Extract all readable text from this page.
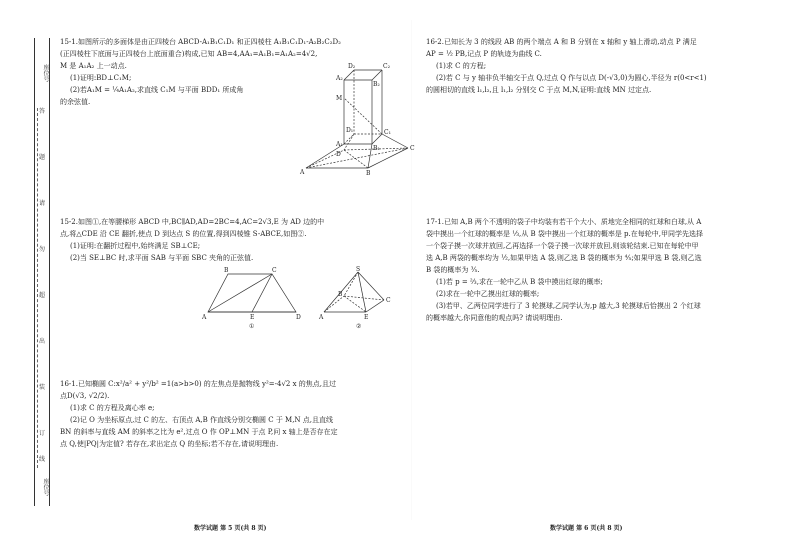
座位号
答
题
请
勿
超
出
装
订
线
座位号

15-1.如图所示的多面体是由正四棱台 ABCD-A₁B₁C₁D₁ 和正四棱柱 A₁B₁C₁D₁-A₂B₂C₂D₂

(正四棱柱下底面与正四棱台上底面重合)构成,已知 AB=4,AA₁=A₁B₁=A₁A₂=4√2,

M 是 A₁A₂ 上一动点.

(1)证明:BD⊥C₁M;

(2)若A₁M = ¼A₁A₂,求直线 C₁M 与平面 BDD₁ 所成角

的余弦值.

D₂	C₂
A₂
B₂
M
D₁	C₁
A₁
B₁
D
C
A	B

15-2.如图①,在等腰梯形 ABCD 中,BC∥AD,AD=2BC=4,AC=2√3,E 为 AD 边的中

点,将△CDE 沿 CE 翻折,使点 D 到达点 S 的位置,得到四棱锥 S-ABCE,如图②.

(1)证明:在翻折过程中,始终满足 SB⊥CE;

(2)当 SE⊥BC 时,求平面 SAB 与平面 SBC 夹角的正弦值.

B	C
A	E	D
①
S
B
C
A	E
②

16-1.已知椭圆 C:x²/a² + y²/b² =1(a>b>0) 的左焦点是抛物线 y²=-4√2 x 的焦点,且过

点D(√3, √2/2).

(1)求 C 的方程及离心率 e;

(2)记 O 为坐标原点,过 C 的左、右顶点 A,B 作直线分别交椭圆 C 于 M,N 点,且直线

BN 的斜率与直线 AM 的斜率之比为 e²,过点 O 作 OP⊥MN 于点 P,问 x 轴上是否存在定

点 Q,使|PQ|为定值? 若存在,求出定点 Q 的坐标;若不存在,请说明理由.

数学试题 第 5 页(共 8 页)

16-2.已知长为 3 的线段 AB 的两个端点 A 和 B 分别在 x 轴和 y 轴上滑动,动点 P 满足

AP = ½ PB,记点 P 的轨迹为曲线 C.

(1)求 C 的方程;

(2)若 C 与 y 轴非负半轴交于点 Q,过点 Q 作与以点 D(-√3,0)为圆心,半径为 r(0<r<1)

的圆相切的直线 l₁,l₂,且 l₁,l₂ 分别交 C 于点 M,N,证明:直线 MN 过定点.

17-1.已知 A,B 两个不透明的袋子中均装有若干个大小、质地完全相同的红球和白球,从 A

袋中摸出一个红球的概率是 ⅓,从 B 袋中摸出一个红球的概率是 p.在每轮中,甲同学先选择

一个袋子摸一次球并放回,乙再选择一个袋子摸一次球并放回,则该轮结束.已知在每轮中甲

选 A,B 两袋的概率均为 ½,如果甲选 A 袋,则乙选 B 袋的概率为 ⅘;如果甲选 B 袋,则乙选

B 袋的概率为 ⅗.

(1)若 p = ⅔,求在一轮中乙从 B 袋中摸出红球的概率;

(2)求在一轮中乙摸出红球的概率;

(3)若甲、乙两位同学进行了 3 轮摸球,乙同学认为,p 越大,3 轮摸球后恰摸出 2 个红球

的概率越大,你同意他的观点吗? 请说明理由.

数学试题 第 6 页(共 8 页)
